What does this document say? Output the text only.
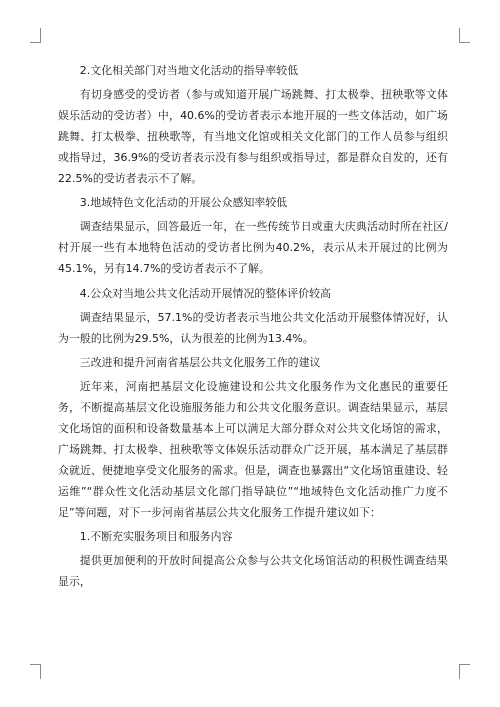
2.文化相关部门对当地文化活动的指导率较低

有切身感受的受访者（参与或知道开展广场跳舞、打太极拳、扭秧歌等文体娱乐活动的受访者）中，40.6%的受访者表示本地开展的一些文体活动，如广场跳舞、打太极拳、扭秧歌等，有当地文化馆或相关文化部门的工作人员参与组织或指导过，36.9%的受访者表示没有参与组织或指导过，都是群众自发的，还有22.5%的受访者表示不了解。

3.地域特色文化活动的开展公众感知率较低

调查结果显示，回答最近一年，在一些传统节日或重大庆典活动时所在社区/村开展一些有本地特色活动的受访者比例为40.2%，表示从未开展过的比例为45.1%，另有14.7%的受访者表示不了解。

4.公众对当地公共文化活动开展情况的整体评价较高

调查结果显示，57.1%的受访者表示当地公共文化活动开展整体情况好，认为一般的比例为29.5%，认为很差的比例为13.4%。

三改进和提升河南省基层公共文化服务工作的建议

近年来，河南把基层文化设施建设和公共文化服务作为文化惠民的重要任务，不断提高基层文化设施服务能力和公共文化服务意识。调查结果显示，基层文化场馆的面积和设备数量基本上可以满足大部分群众对公共文化场馆的需求，广场跳舞、打太极拳、扭秧歌等文体娱乐活动群众广泛开展，基本满足了基层群众就近、便捷地享受文化服务的需求。但是，调查也暴露出“文化场馆重建设、轻运维”“群众性文化活动基层文化部门指导缺位”“地域特色文化活动推广力度不足”等问题，对下一步河南省基层公共文化服务工作提升建议如下：

1.不断充实服务项目和服务内容

提供更加便利的开放时间提高公众参与公共文化场馆活动的积极性调查结果显示，
